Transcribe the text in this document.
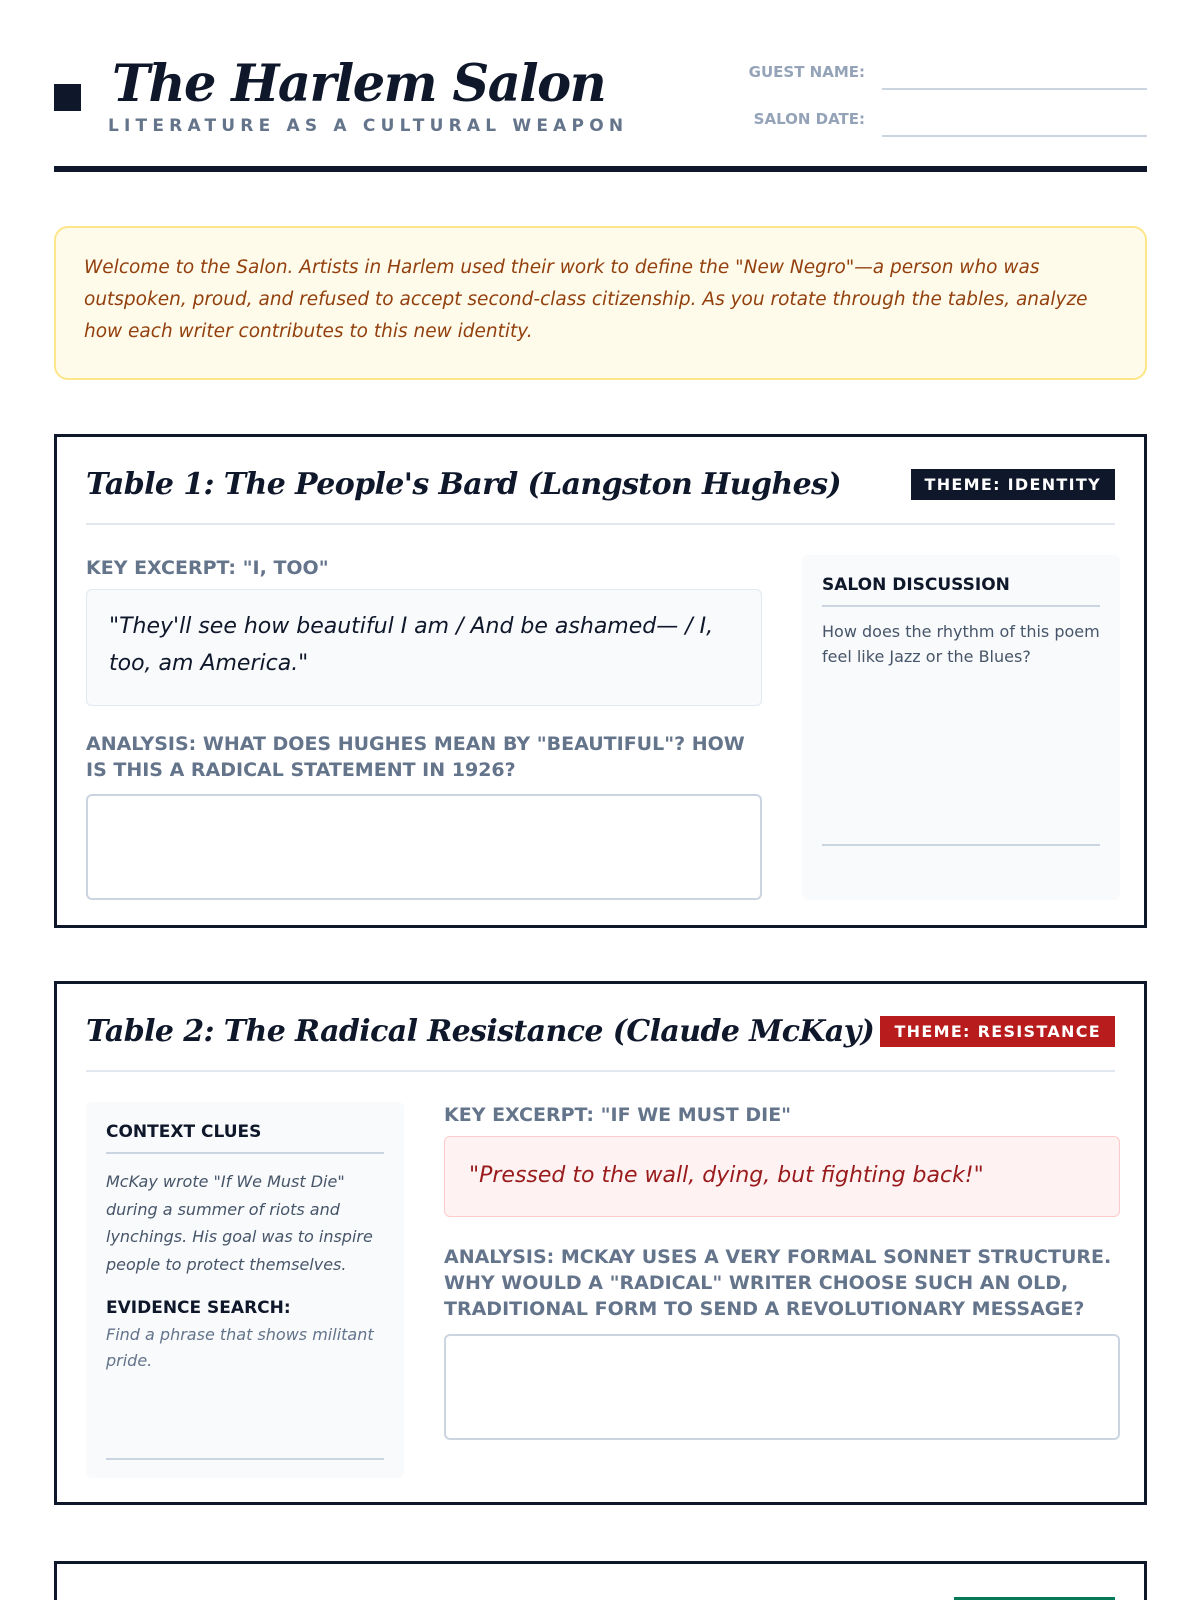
The Harlem Salon
LITERATURE AS A CULTURAL WEAPON
GUEST NAME:
SALON DATE:

Welcome to the Salon. Artists in Harlem used their work to define the "New Negro"—a person who was outspoken, proud, and refused to accept second-class citizenship. As you rotate through the tables, analyze how each writer contributes to this new identity.

Table 1: The People's Bard (Langston Hughes)	THEME: IDENTITY
KEY EXCERPT: "I, TOO"
"They'll see how beautiful I am / And be ashamed— / I, too, am America."
ANALYSIS: WHAT DOES HUGHES MEAN BY "BEAUTIFUL"? HOW IS THIS A RADICAL STATEMENT IN 1926?
SALON DISCUSSION
How does the rhythm of this poem feel like Jazz or the Blues?
Table 2: The Radical Resistance (Claude McKay)	THEME: RESISTANCE
CONTEXT CLUES
McKay wrote "If We Must Die" during a summer of riots and lynchings. His goal was to inspire people to protect themselves.
EVIDENCE SEARCH:
Find a phrase that shows militant pride.
KEY EXCERPT: "IF WE MUST DIE"
"Pressed to the wall, dying, but fighting back!"
ANALYSIS: MCKAY USES A VERY FORMAL SONNET STRUCTURE. WHY WOULD A "RADICAL" WRITER CHOOSE SUCH AN OLD, TRADITIONAL FORM TO SEND A REVOLUTIONARY MESSAGE?
